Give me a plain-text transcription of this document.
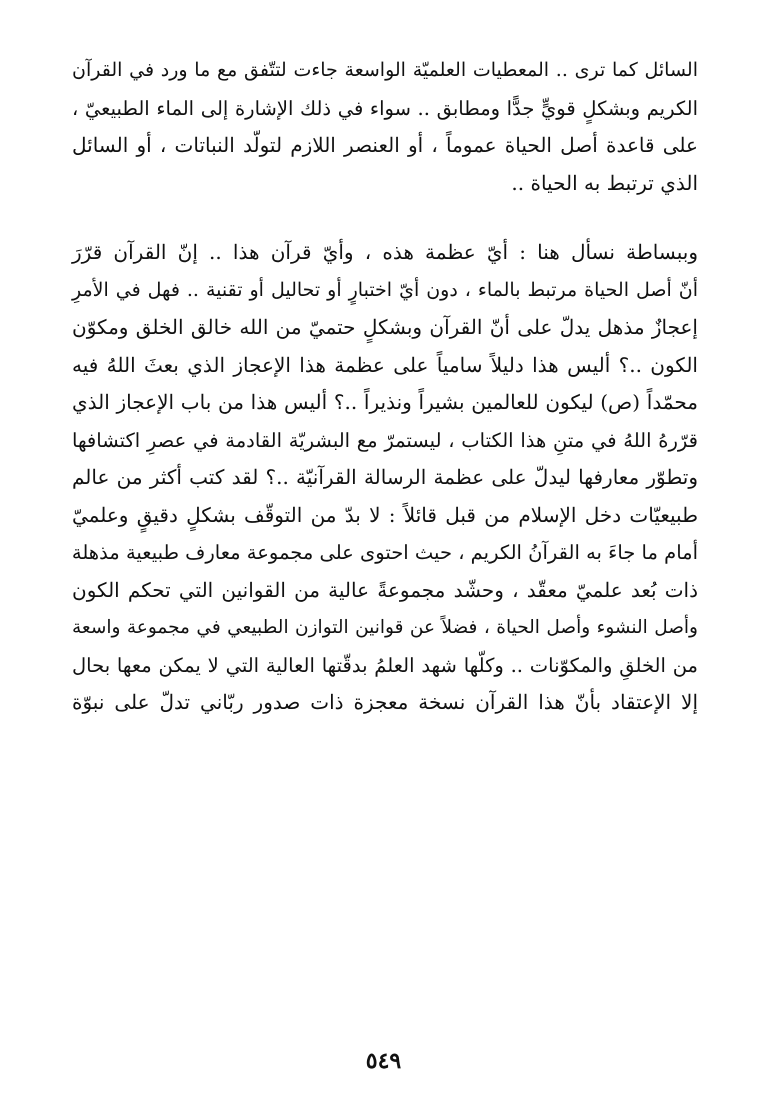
السائل كما ترى .. المعطيات العلميّة الواسعة جاءت لتتّفق مع ما ورد في القرآن
الكريم وبشكلٍ قويٍّ جدًّا ومطابق .. سواء في ذلك الإشارة إلى الماء الطبيعيّ ،
على قاعدة أصل الحياة عموماً ، أو العنصر اللازم لتولّد النباتات ، أو السائل
الذي ترتبط به الحياة ..
وببساطة نسأل هنا : أيّ عظمة هذه ، وأيّ قرآن هذا .. إنّ القرآن قرّرَ
أنّ أصل الحياة مرتبط بالماء ، دون أيّ اختبارٍ أو تحاليل أو تقنية .. فهل في الأمرِ
إعجازٌ مذهل يدلّ على أنّ القرآن وبشكلٍ حتميّ من الله خالق الخلق ومكوّن
الكون ..؟ أليس هذا دليلاً سامياً على عظمة هذا الإعجاز الذي بعثَ اللهُ فيه
محمّداً (ص) ليكون للعالمين بشيراً ونذيراً ..؟ أليس هذا من باب الإعجاز الذي
قرّرهُ اللهُ في متنِ هذا الكتاب ، ليستمرّ مع البشريّة القادمة في عصرِ اكتشافها
وتطوّر معارفها ليدلّ على عظمة الرسالة القرآنيّة ..؟ لقد كتب أكثر من عالم
طبيعيّات دخل الإسلام من قبل قائلاً : لا بدّ من التوقّف بشكلٍ دقيقٍ وعلميّ
أمام ما جاءَ به القرآنُ الكريم ، حيث احتوى على مجموعة معارف طبيعية مذهلة
ذات بُعد علميّ معقّد ، وحشّد مجموعةً عالية من القوانين التي تحكم الكون
وأصل النشوء وأصل الحياة ، فضلاً عن قوانين التوازن الطبيعي في مجموعة واسعة
من الخلقِ والمكوّنات .. وكلّها شهد العلمُ بدقّتها العالية التي لا يمكن معها بحال
إلا الإعتقاد بأنّ هذا القرآن نسخة معجزة ذات صدور ربّاني تدلّ على نبوّة
٥٤٩
